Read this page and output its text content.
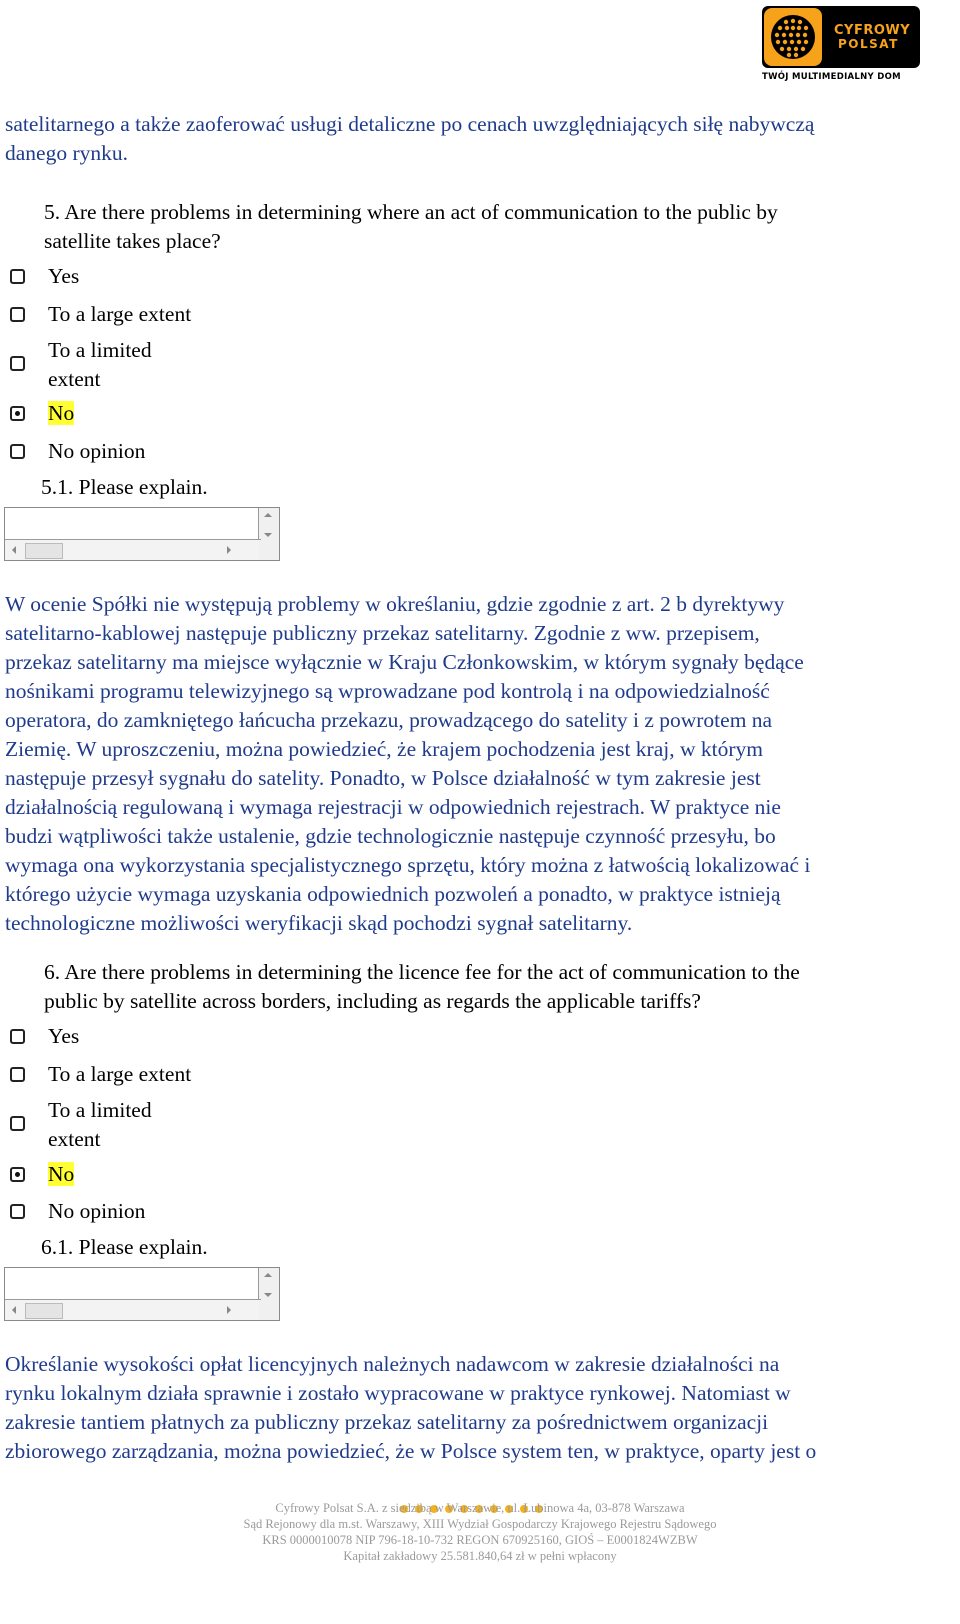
CYFROWY
POLSAT
TWÓJ MULTIMEDIALNY DOM
satelitarnego a także zaoferować usługi detaliczne po cenach uwzględniających siłę nabywczą
danego rynku.
5. Are there problems in determining where an act of communication to the public by
satellite takes place?
Yes
To a large extent
To a limited
extent
No
No opinion
5.1. Please explain.
W ocenie Spółki nie występują problemy w określaniu, gdzie zgodnie z art. 2 b dyrektywy
satelitarno-kablowej następuje publiczny przekaz satelitarny. Zgodnie z ww. przepisem,
przekaz satelitarny ma miejsce wyłącznie w Kraju Członkowskim, w którym sygnały będące
nośnikami programu telewizyjnego są wprowadzane pod kontrolą i na odpowiedzialność
operatora, do zamkniętego łańcucha przekazu, prowadzącego do satelity i z powrotem na
Ziemię. W uproszczeniu, można powiedzieć, że krajem pochodzenia jest kraj, w którym
następuje przesył sygnału do satelity. Ponadto, w Polsce działalność w tym zakresie jest
działalnością regulowaną i wymaga rejestracji w odpowiednich rejestrach. W praktyce nie
budzi wątpliwości także ustalenie, gdzie technologicznie następuje czynność przesyłu, bo
wymaga ona wykorzystania specjalistycznego sprzętu, który można z łatwością lokalizować i
którego użycie wymaga uzyskania odpowiednich pozwoleń a ponadto, w praktyce istnieją
technologiczne możliwości weryfikacji skąd pochodzi sygnał satelitarny.
6. Are there problems in determining the licence fee for the act of communication to the
public by satellite across borders, including as regards the applicable tariffs?
Yes
To a large extent
To a limited
extent
No
No opinion
6.1. Please explain.
Określanie wysokości opłat licencyjnych należnych nadawcom w zakresie działalności na
rynku lokalnym działa sprawnie i zostało wypracowane w praktyce rynkowej. Natomiast w
zakresie tantiem płatnych za publiczny przekaz satelitarny za pośrednictwem organizacji
zbiorowego zarządzania, można powiedzieć, że w Polsce system ten, w praktyce, oparty jest o
Cyfrowy Polsat S.A. z siedzibą w Warszawie, ul. Łubinowa 4a, 03-878 Warszawa
Sąd Rejonowy dla m.st. Warszawy, XIII Wydział Gospodarczy Krajowego Rejestru Sądowego
KRS 0000010078 NIP 796-18-10-732 REGON 670925160, GIOŚ – E0001824WZBW
Kapitał zakładowy 25.581.840,64 zł w pełni wpłacony
